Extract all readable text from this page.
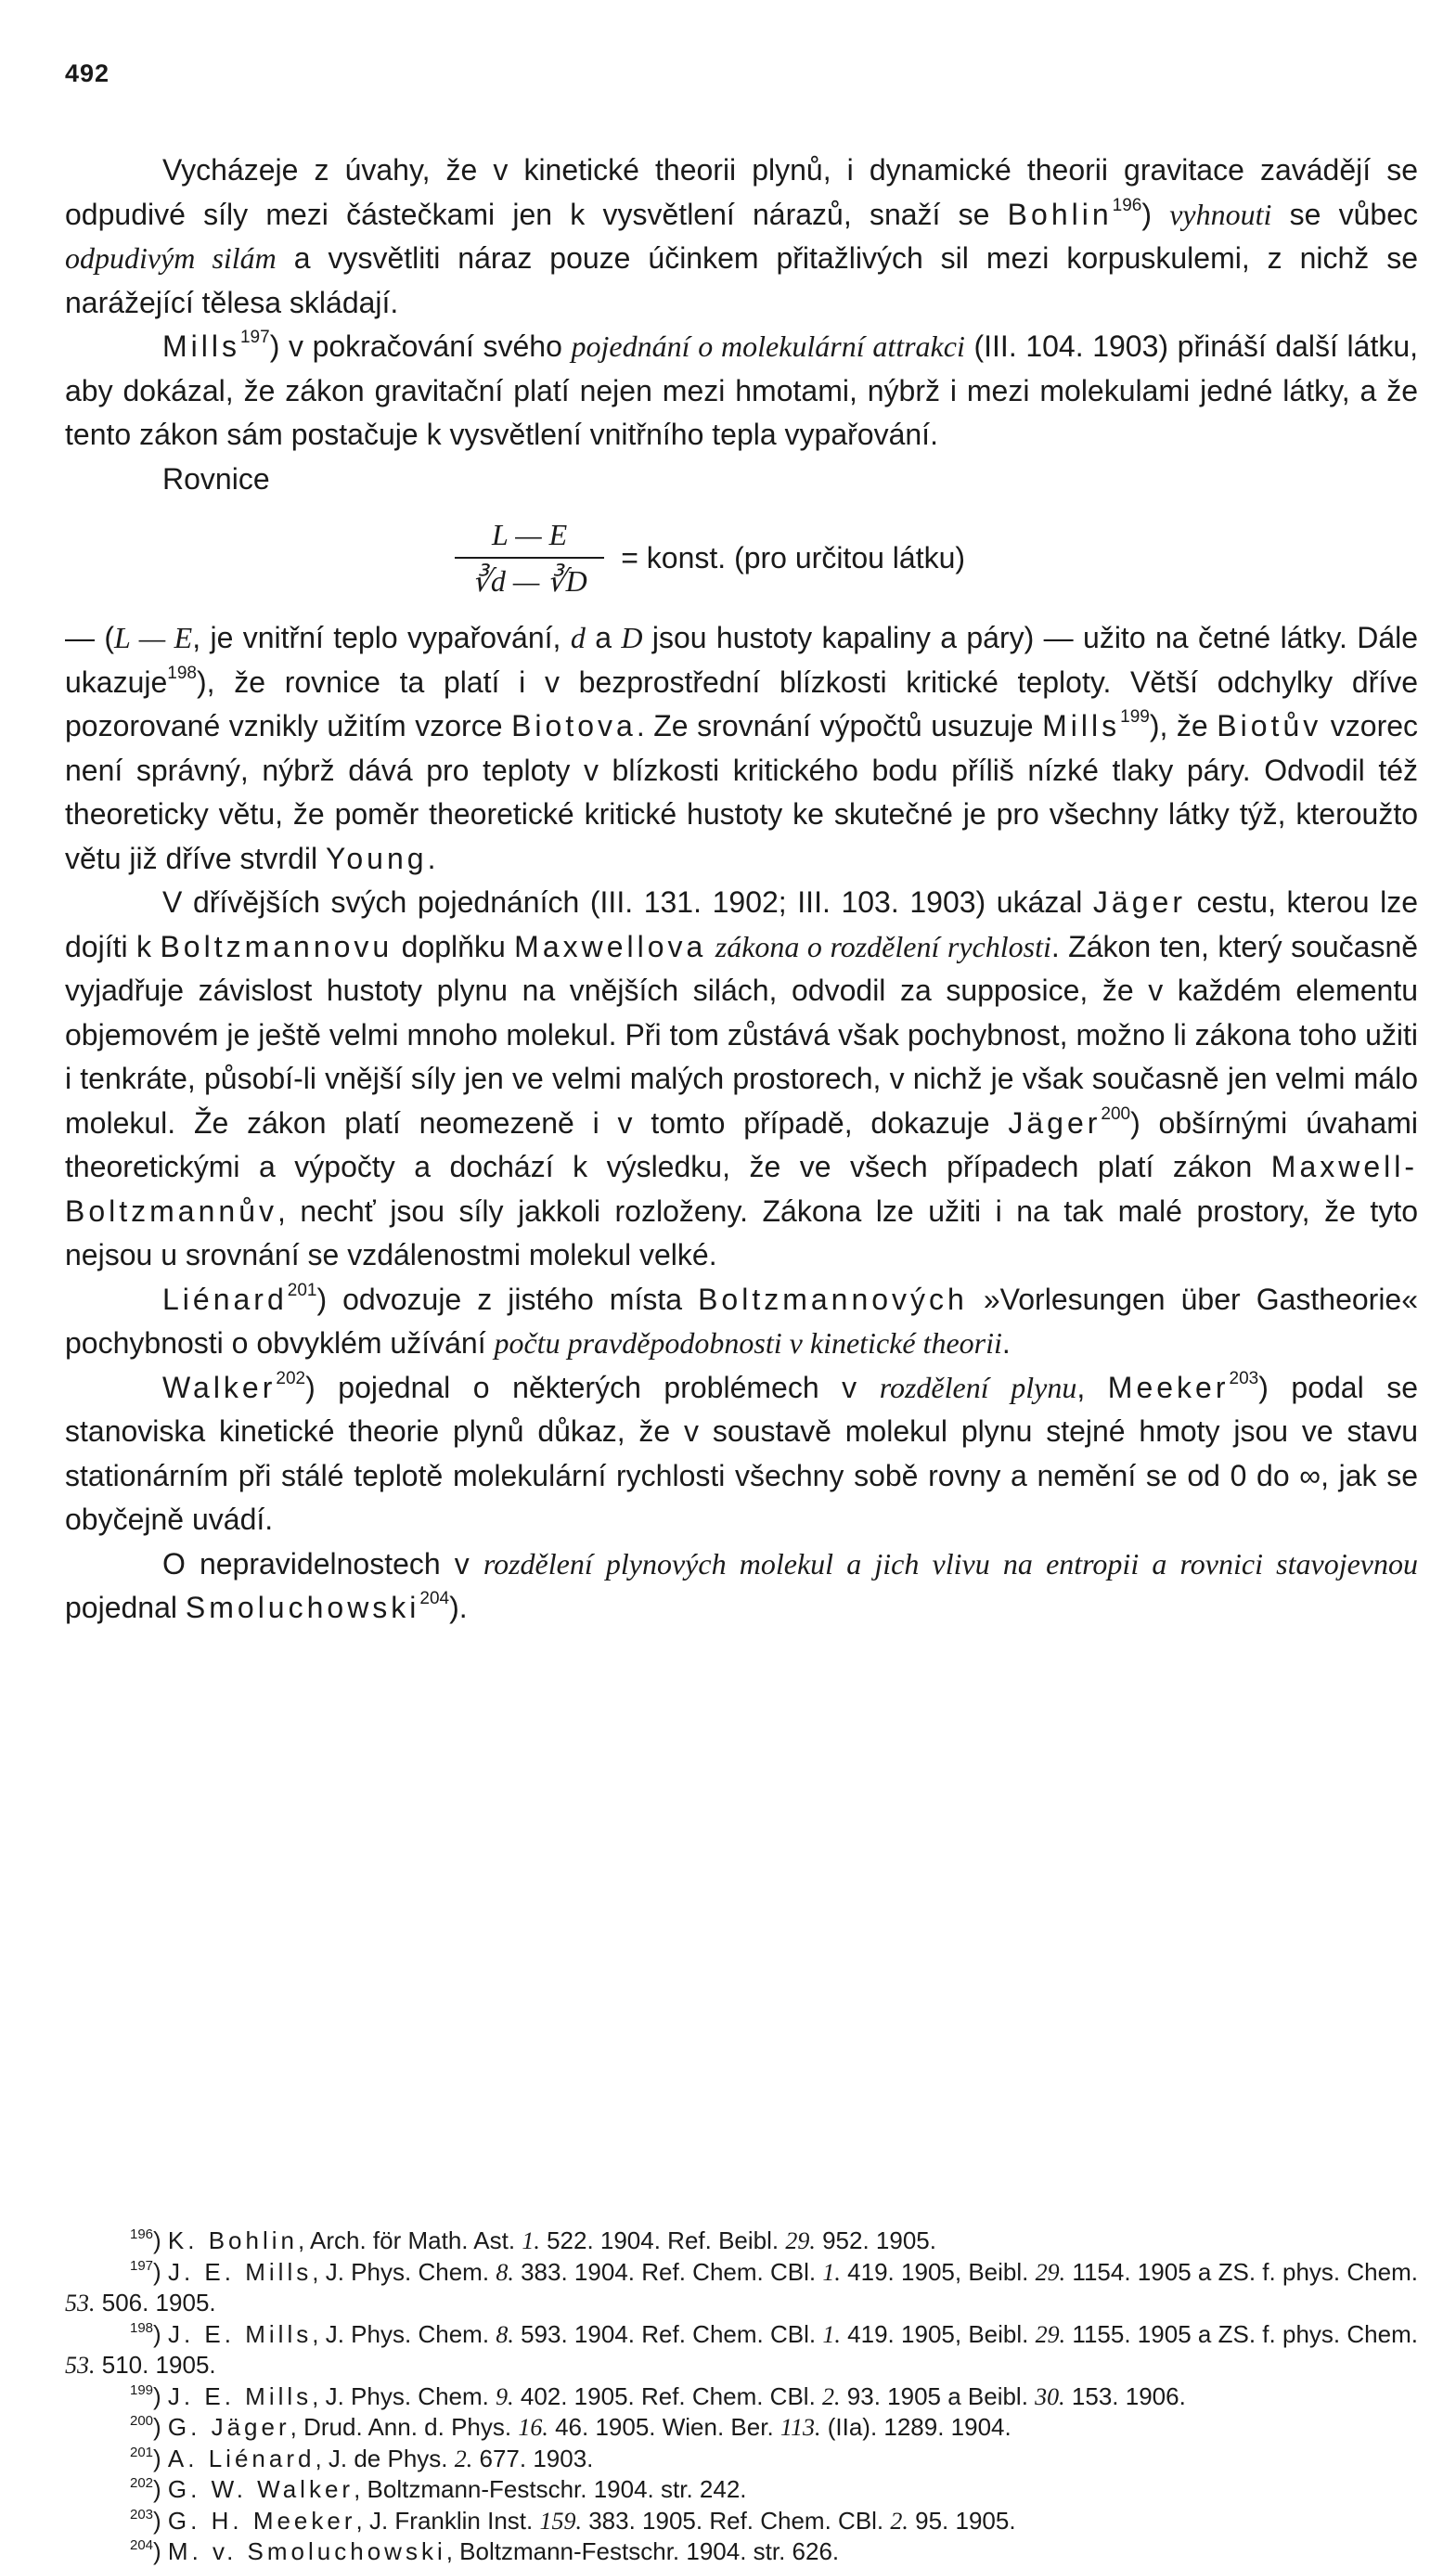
492

Vycházeje z úvahy, že v kinetické theorii plynů, i dynamické theorii gravitace zavádějí se odpudivé síly mezi částečkami jen k vysvětlení nárazů, snaží se Bohlin$^{196}$) vyhnouti se vůbec odpudivým silám a vysvětliti náraz pouze účinkem přitažlivých sil mezi korpuskulemi, z nichž se narážející tělesa skládají.

Mills$^{197}$) v pokračování svého pojednání o molekulární attrakci (III. 104. 1903) přináší další látku, aby dokázal, že zákon gravitační platí nejen mezi hmotami, nýbrž i mezi molekulami jedné látky, a že tento zákon sám postačuje k vysvětlení vnitřního tepla vypařování.

Rovnice

$\frac{L — E}{∛d — ∛D}$ = konst. (pro určitou látku)

— (L — E, je vnitřní teplo vypařování, d a D jsou hustoty kapaliny a páry) — užito na četné látky. Dále ukazuje$^{198}$), že rovnice ta platí i v bezprostřední blízkosti kritické teploty. Větší odchylky dříve pozorované vznikly užitím vzorce Biotova. Ze srovnání výpočtů usuzuje Mills$^{199}$), že Biotův vzorec není správný, nýbrž dává pro teploty v blízkosti kritického bodu příliš nízké tlaky páry. Odvodil též theoreticky větu, že poměr theoretické kritické hustoty ke skutečné je pro všechny látky týž, kteroužto větu již dříve stvrdil Young.

V dřívějších svých pojednáních (III. 131. 1902; III. 103. 1903) ukázal Jäger cestu, kterou lze dojíti k Boltzmannovu doplňku Maxwellova zákona o rozdělení rychlosti. Zákon ten, který současně vyjadřuje závislost hustoty plynu na vnějších silách, odvodil za supposice, že v každém elementu objemovém je ještě velmi mnoho molekul. Při tom zůstává však pochybnost, možno li zákona toho užiti i tenkráte, působí-li vnější síly jen ve velmi malých prostorech, v nichž je však současně jen velmi málo molekul. Že zákon platí neomezeně i v tomto případě, dokazuje Jäger$^{200}$) obšírnými úvahami theoretickými a výpočty a dochází k výsledku, že ve všech případech platí zákon Maxwell-Boltzmannův, nechť jsou síly jakkoli rozloženy. Zákona lze užiti i na tak malé prostory, že tyto nejsou u srovnání se vzdálenostmi molekul velké.

Liénard$^{201}$) odvozuje z jistého místa Boltzmannových »Vorlesungen über Gastheorie« pochybnosti o obvyklém užívání počtu pravděpodobnosti v kinetické theorii.

Walker$^{202}$) pojednal o některých problémech v rozdělení plynu, Meeker$^{203}$) podal se stanoviska kinetické theorie plynů důkaz, že v soustavě molekul plynu stejné hmoty jsou ve stavu stationárním při stálé teplotě molekulární rychlosti všechny sobě rovny a nemění se od 0 do ∞, jak se obyčejně uvádí.

O nepravidelnostech v rozdělení plynových molekul a jich vlivu na entropii a rovnici stavojevnou pojednal Smoluchowski$^{204}$).

$^{196}$) K. Bohlin, Arch. för Math. Ast. 1. 522. 1904. Ref. Beibl. 29. 952. 1905.

$^{197}$) J. E. Mills, J. Phys. Chem. 8. 383. 1904. Ref. Chem. CBl. 1. 419. 1905, Beibl. 29. 1154. 1905 a ZS. f. phys. Chem. 53. 506. 1905.

$^{198}$) J. E. Mills, J. Phys. Chem. 8. 593. 1904. Ref. Chem. CBl. 1. 419. 1905, Beibl. 29. 1155. 1905 a ZS. f. phys. Chem. 53. 510. 1905.

$^{199}$) J. E. Mills, J. Phys. Chem. 9. 402. 1905. Ref. Chem. CBl. 2. 93. 1905 a Beibl. 30. 153. 1906.

$^{200}$) G. Jäger, Drud. Ann. d. Phys. 16. 46. 1905. Wien. Ber. 113. (IIa). 1289. 1904.

$^{201}$) A. Liénard, J. de Phys. 2. 677. 1903.

$^{202}$) G. W. Walker, Boltzmann-Festschr. 1904. str. 242.

$^{203}$) G. H. Meeker, J. Franklin Inst. 159. 383. 1905. Ref. Chem. CBl. 2. 95. 1905.

$^{204}$) M. v. Smoluchowski, Boltzmann-Festschr. 1904. str. 626.
